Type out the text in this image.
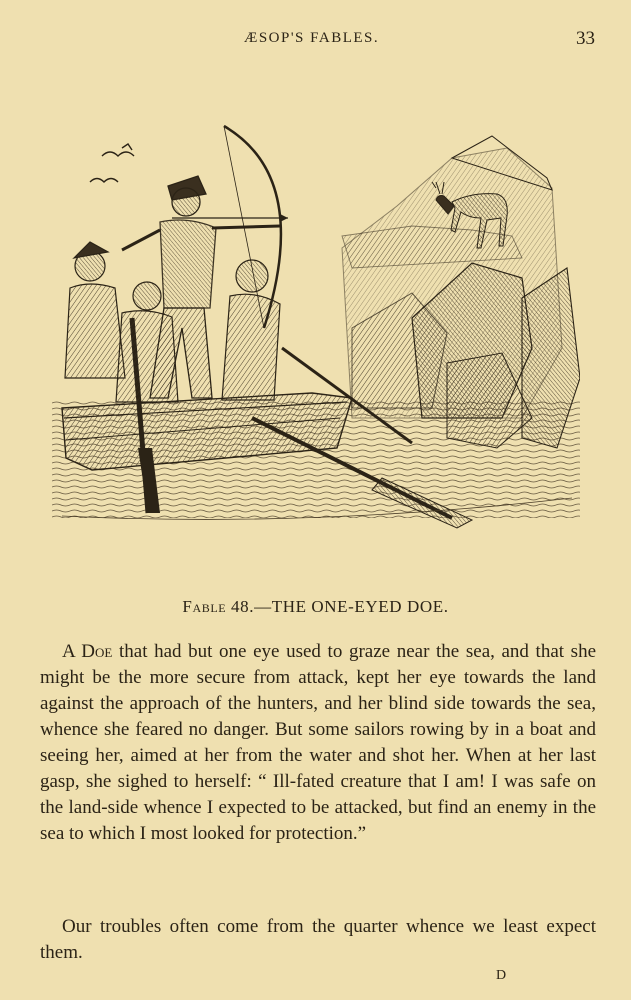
ÆSOP'S FABLES.	33
Fable 48.—THE ONE-EYED DOE.
A Doe that had but one eye used to graze near the sea, and that she might be the more secure from attack, kept her eye towards the land against the approach of the hunters, and her blind side towards the sea, whence she feared no danger. But some sailors rowing by in a boat and seeing her, aimed at her from the water and shot her. When at her last gasp, she sighed to herself: “ Ill-fated creature that I am! I was safe on the land-side whence I expected to be attacked, but find an enemy in the sea to which I most looked for protection.”
Our troubles often come from the quarter whence we least expect them.
D
